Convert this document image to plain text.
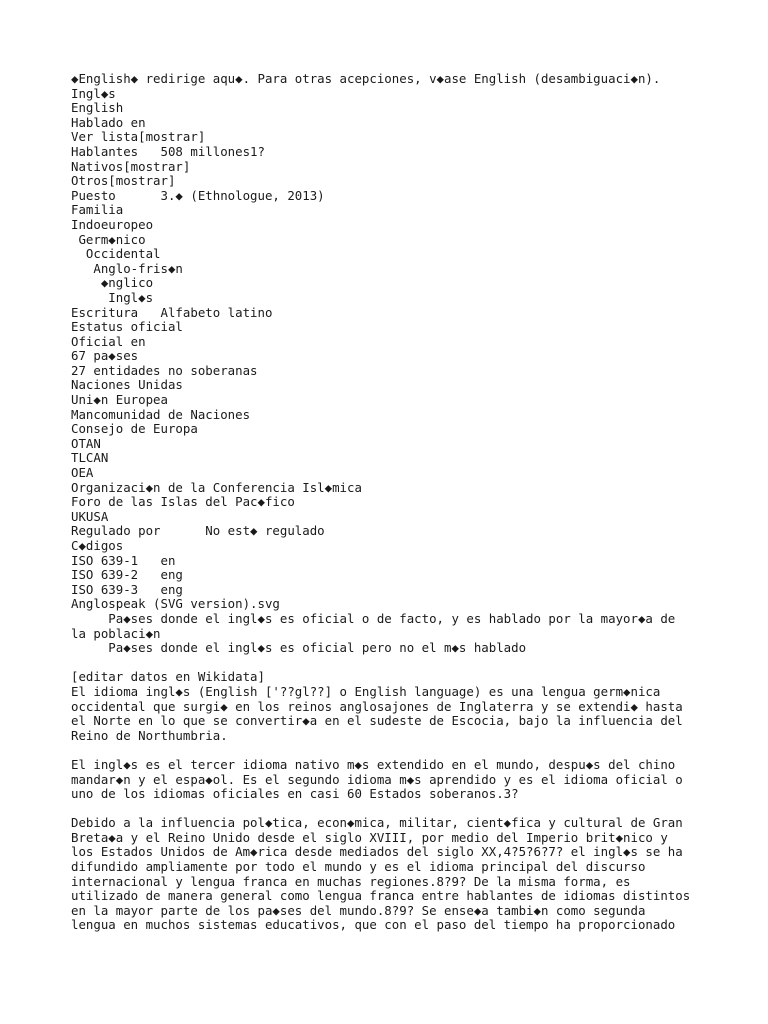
◆English◆ redirige aqu◆. Para otras acepciones, v◆ase English (desambiguaci◆n).
Ingl◆s
English
Hablado en
Ver lista[mostrar]
Hablantes   508 millones1?
Nativos[mostrar]
Otros[mostrar]
Puesto      3.◆ (Ethnologue, 2013)
Familia
Indoeuropeo
Germ◆nico
Occidental
Anglo-fris◆n
◆nglico
Ingl◆s
Escritura   Alfabeto latino
Estatus oficial
Oficial en
67 pa◆ses
27 entidades no soberanas
Naciones Unidas
Uni◆n Europea
Mancomunidad de Naciones
Consejo de Europa
OTAN
TLCAN
OEA
Organizaci◆n de la Conferencia Isl◆mica
Foro de las Islas del Pac◆fico
UKUSA
Regulado por      No est◆ regulado
C◆digos
ISO 639-1   en
ISO 639-2   eng
ISO 639-3   eng
Anglospeak (SVG version).svg
Pa◆ses donde el ingl◆s es oficial o de facto, y es hablado por la mayor◆a de
la poblaci◆n
Pa◆ses donde el ingl◆s es oficial pero no el m◆s hablado

[editar datos en Wikidata]
El idioma ingl◆s (English ['??gl??] o English language) es una lengua germ◆nica
occidental que surgi◆ en los reinos anglosajones de Inglaterra y se extendi◆ hasta
el Norte en lo que se convertir◆a en el sudeste de Escocia, bajo la influencia del
Reino de Northumbria.

El ingl◆s es el tercer idioma nativo m◆s extendido en el mundo, despu◆s del chino
mandar◆n y el espa◆ol. Es el segundo idioma m◆s aprendido y es el idioma oficial o
uno de los idiomas oficiales en casi 60 Estados soberanos.3?

Debido a la influencia pol◆tica, econ◆mica, militar, cient◆fica y cultural de Gran
Breta◆a y el Reino Unido desde el siglo XVIII, por medio del Imperio brit◆nico y
los Estados Unidos de Am◆rica desde mediados del siglo XX,4?5?6?7? el ingl◆s se ha
difundido ampliamente por todo el mundo y es el idioma principal del discurso
internacional y lengua franca en muchas regiones.8?9? De la misma forma, es
utilizado de manera general como lengua franca entre hablantes de idiomas distintos
en la mayor parte de los pa◆ses del mundo.8?9? Se ense◆a tambi◆n como segunda
lengua en muchos sistemas educativos, que con el paso del tiempo ha proporcionado
